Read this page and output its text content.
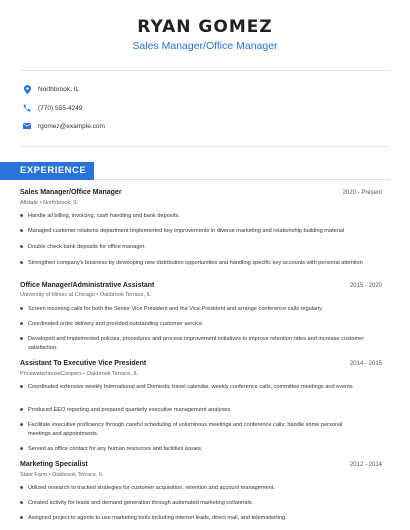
RYAN GOMEZ
Sales Manager/Office Manager
Northbrook, IL
(770) 555-4249
rgomez@example.com
EXPERIENCE
Sales Manager/Office Manager	2020 - Present
Allstate • Northbrook, IL
Handle all billing, invoicing, cash handling and bank deposits.
Managed customer relations department Implemented key improvements in diverse marketing and relationship building material
Double check bank deposits for office manager.
Strengthen company's business by developing new distribution opportunities and handling specific key accounts with personal attention
Office Manager/Administrative Assistant	2015 - 2020
University of Illinois at Chicago • Oakbrook Terrace, IL
Screen incoming calls for both the Senior Vice President and the Vice President and arrange conference calls regularly.
Coordinated order delivery and provided outstanding customer service.
Developed and implemented policies, procedures and process improvement initiatives to improve retention rates and increase customer satisfaction.
Assistant To Executive Vice President	2014 - 2015
PricewaterhouseCoopers • Oakbrook Terrace, IL
Coordinated extensive weekly International and Domestic travel calendar, weekly conference calls, committee meetings and events.
Produced EEO reporting and prepared quarterly executive management analyses.
Facilitate executive proficiency through careful scheduling of voluminous meetings and conference calls; handle some personal meetings and appointments.
Served as office contact for any human resources and facilities issues.
Marketing Specialist	2012 - 2014
State Farm • Oakbrook Terrace, IL
Utilized research to tracked strategies for customer acquisition, retention and account management.
Created activity for leads and demand generation through automated marketing collaterals.
Assigned project to agents to use marketing tools including internet leads, direct mail, and telemarketing.
